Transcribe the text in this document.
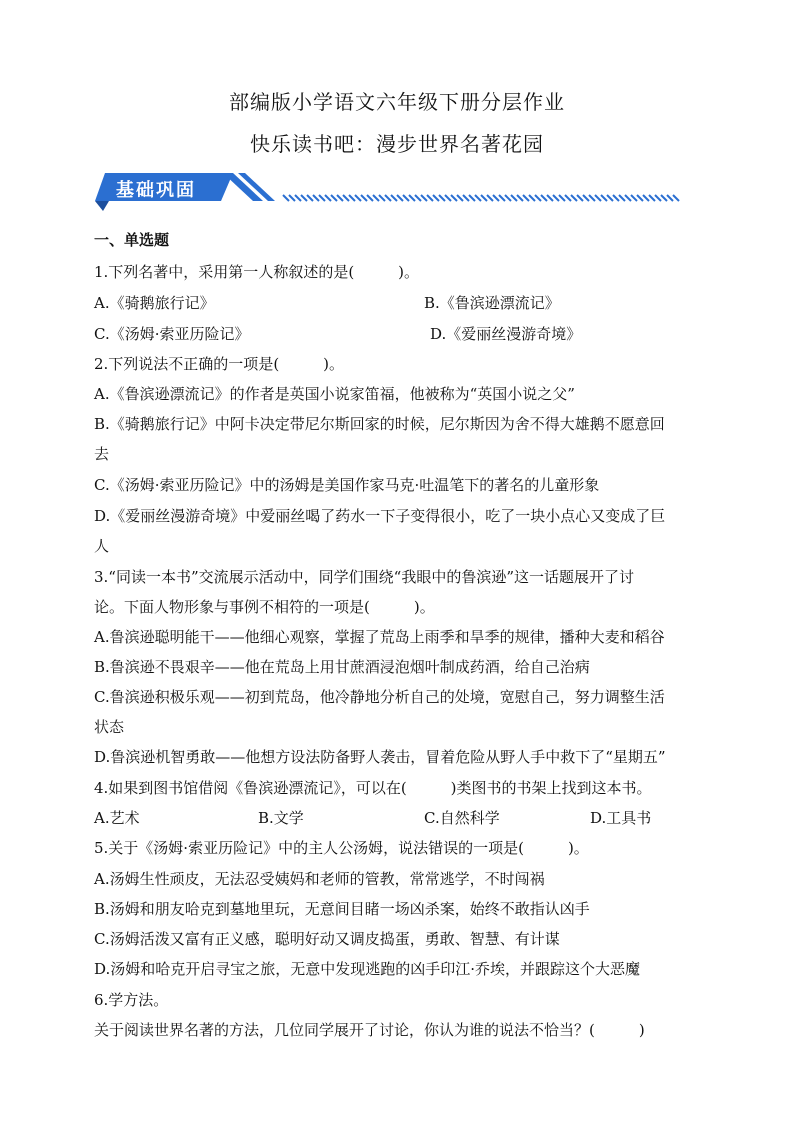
部编版小学语文六年级下册分层作业
快乐读书吧：漫步世界名著花园
基础巩固
一、单选题
1.下列名著中，采用第一人称叙述的是(	)。
A.《骑鹅旅行记》	B.《鲁滨逊漂流记》
C.《汤姆·索亚历险记》	D.《爱丽丝漫游奇境》
2.下列说法不正确的一项是(	)。
A.《鲁滨逊漂流记》的作者是英国小说家笛福，他被称为“英国小说之父”
B.《骑鹅旅行记》中阿卡决定带尼尔斯回家的时候，尼尔斯因为舍不得大雄鹅不愿意回
去
C.《汤姆·索亚历险记》中的汤姆是美国作家马克·吐温笔下的著名的儿童形象
D.《爱丽丝漫游奇境》中爱丽丝喝了药水一下子变得很小，吃了一块小点心又变成了巨
人
3.“同读一本书”交流展示活动中，同学们围绕“我眼中的鲁滨逊”这一话题展开了讨
论。下面人物形象与事例不相符的一项是(	)。
A.鲁滨逊聪明能干——他细心观察，掌握了荒岛上雨季和旱季的规律，播种大麦和稻谷
B.鲁滨逊不畏艰辛——他在荒岛上用甘蔗酒浸泡烟叶制成药酒，给自己治病
C.鲁滨逊积极乐观——初到荒岛，他冷静地分析自己的处境，宽慰自己，努力调整生活
状态
D.鲁滨逊机智勇敢——他想方设法防备野人袭击，冒着危险从野人手中救下了“星期五”
4.如果到图书馆借阅《鲁滨逊漂流记》，可以在(	)类图书的书架上找到这本书。
A.艺术	B.文学	C.自然科学	D.工具书
5.关于《汤姆·索亚历险记》中的主人公汤姆，说法错误的一项是(	)。
A.汤姆生性顽皮，无法忍受姨妈和老师的管教，常常逃学，不时闯祸
B.汤姆和朋友哈克到墓地里玩，无意间目睹一场凶杀案，始终不敢指认凶手
C.汤姆活泼又富有正义感，聪明好动又调皮捣蛋，勇敢、智慧、有计谋
D.汤姆和哈克开启寻宝之旅，无意中发现逃跑的凶手印江·乔埃，并跟踪这个大恶魔
6.学方法。
关于阅读世界名著的方法，几位同学展开了讨论，你认为谁的说法不恰当？(	)
